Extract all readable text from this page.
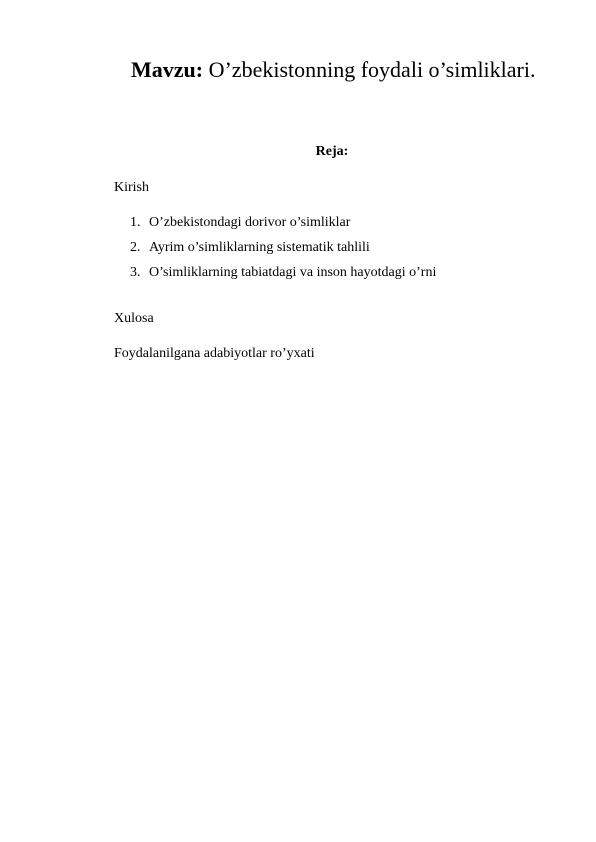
Mavzu: O’zbekistonning foydali o’simliklari.
Reja:
Kirish
1. O’zbekistondagi dorivor o’simliklar
2. Ayrim o’simliklarning sistematik tahlili
3. O’simliklarning tabiatdagi va inson hayotdagi o’rni
Xulosa
Foydalanilgana adabiyotlar ro’yxati
